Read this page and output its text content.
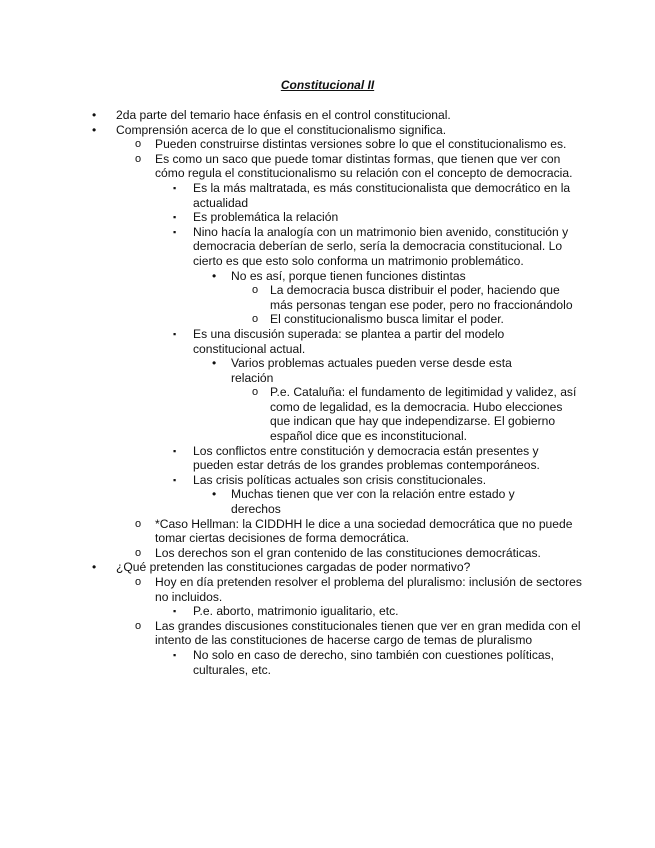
Constitucional II
•	2da parte del temario hace énfasis en el control constitucional.
•	Comprensión acerca de lo que el constitucionalismo significa.
o	Pueden construirse distintas versiones sobre lo que el constitucionalismo es.
o	Es como un saco que puede tomar distintas formas, que tienen que ver con cómo regula el constitucionalismo su relación con el concepto de democracia.
▪	Es la más maltratada, es más constitucionalista que democrático en la actualidad
▪	Es problemática la relación
▪	Nino hacía la analogía con un matrimonio bien avenido, constitución y democracia deberían de serlo, sería la democracia constitucional. Lo cierto es que esto solo conforma un matrimonio problemático.
•	No es así, porque tienen funciones distintas
o La democracia busca distribuir el poder, haciendo que más personas tengan ese poder, pero no fraccionándolo
o El constitucionalismo busca limitar el poder.
▪	Es una discusión superada: se plantea a partir del modelo constitucional actual.
•	Varios problemas actuales pueden verse desde esta relación
o P.e. Cataluña: el fundamento de legitimidad y validez, así como de legalidad, es la democracia. Hubo elecciones que indican que hay que independizarse. El gobierno español dice que es inconstitucional.
▪	Los conflictos entre constitución y democracia están presentes y pueden estar detrás de los grandes problemas contemporáneos.
▪	Las crisis políticas actuales son crisis constitucionales.
•	Muchas tienen que ver con la relación entre estado y derechos
o	*Caso Hellman: la CIDDHH le dice a una sociedad democrática que no puede tomar ciertas decisiones de forma democrática.
o	Los derechos son el gran contenido de las constituciones democráticas.
•	¿Qué pretenden las constituciones cargadas de poder normativo?
o	Hoy en día pretenden resolver el problema del pluralismo: inclusión de sectores no incluidos.
▪	P.e. aborto, matrimonio igualitario, etc.
o	Las grandes discusiones constitucionales tienen que ver en gran medida con el intento de las constituciones de hacerse cargo de temas de pluralismo
▪	No solo en caso de derecho, sino también con cuestiones políticas, culturales, etc.
